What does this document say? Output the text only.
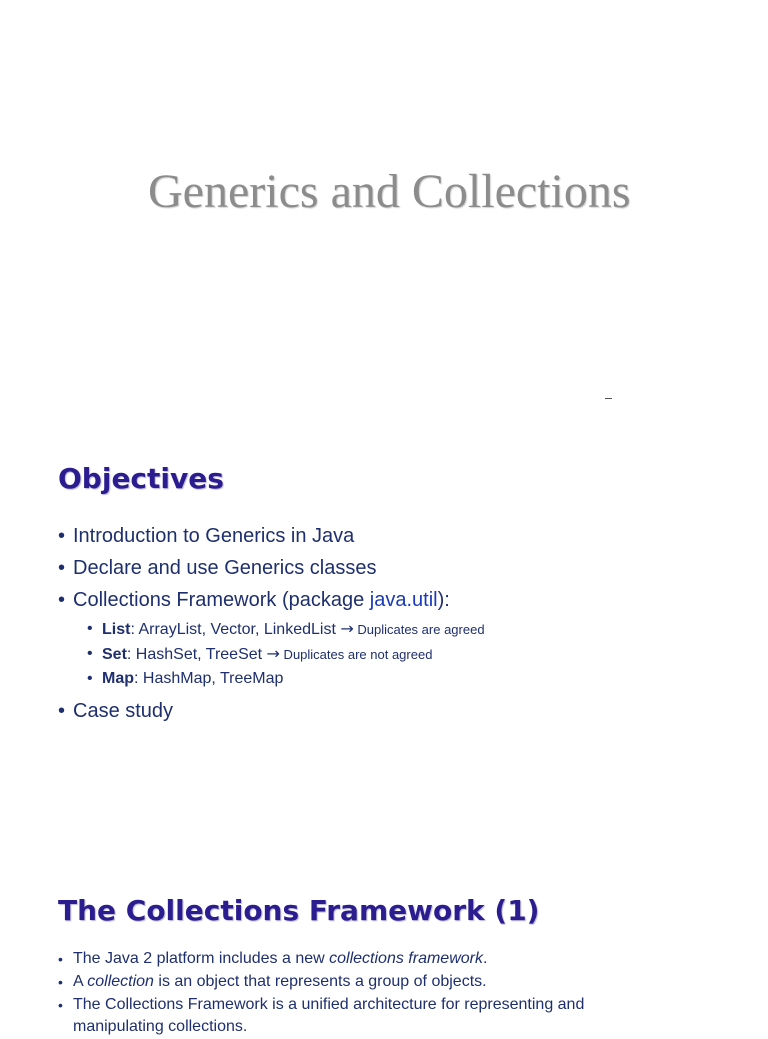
Generics and Collections
Objectives
• Introduction to Generics in Java
• Declare and use Generics classes
• Collections Framework (package java.util):
• List: ArrayList, Vector, LinkedList → Duplicates are agreed
• Set: HashSet, TreeSet → Duplicates are not agreed
• Map: HashMap, TreeMap
• Case study
The Collections Framework (1)
• The Java 2 platform includes a new collections framework.
• A collection is an object that represents a group of objects.
• The Collections Framework is a unified architecture for representing and
manipulating collections.
